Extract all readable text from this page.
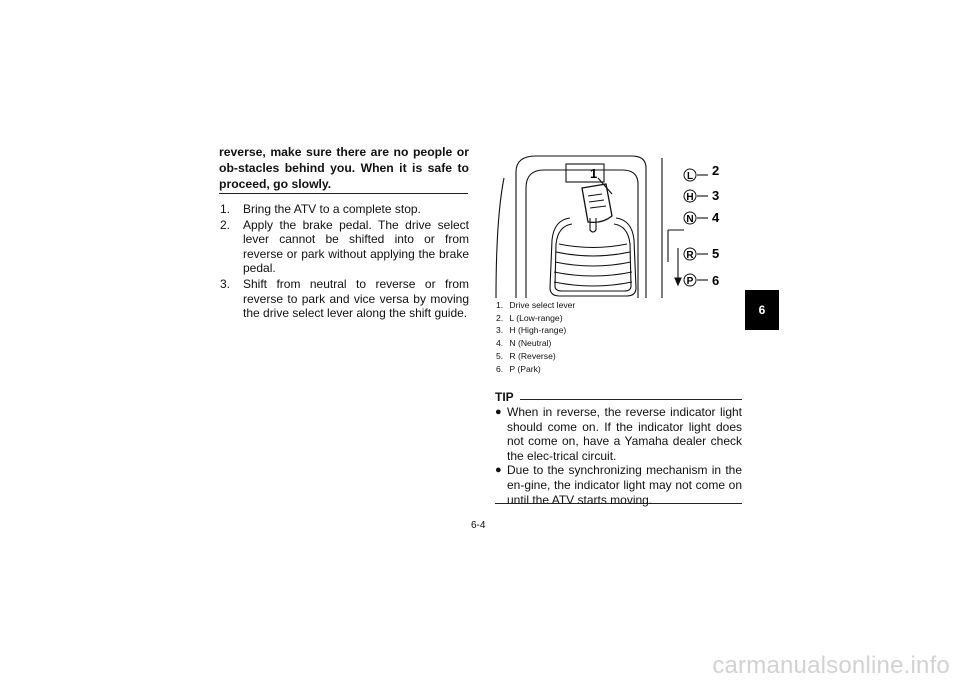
reverse, make sure there are no people or ob-stacles behind you. When it is safe to proceed, go slowly.
1. Bring the ATV to a complete stop.
2. Apply the brake pedal. The drive select lever cannot be shifted into or from reverse or park without applying the brake pedal.
3. Shift from neutral to reverse or from reverse to park and vice versa by moving the drive select lever along the shift guide.
L
H
N
R
P
1	2
3
4
5
6
1. Drive select lever
2. L (Low-range)
3. H (High-range)
4. N (Neutral)
5. R (Reverse)
6. P (Park)
TIP
● When in reverse, the reverse indicator light should come on. If the indicator light does not come on, have a Yamaha dealer check the elec-trical circuit.
● Due to the synchronizing mechanism in the en-gine, the indicator light may not come on until the ATV starts moving.
6-4
6
carmanualsonline.info
